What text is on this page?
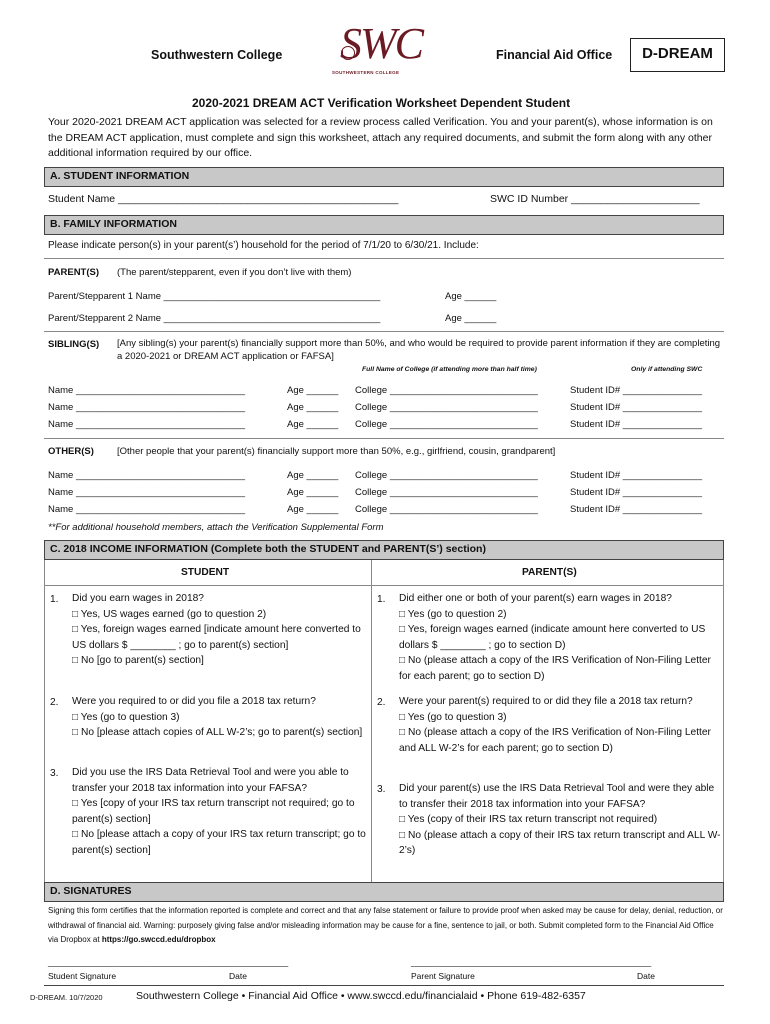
Southwestern College SWC
SOUTHWESTERN COLLEGE
Financial Aid Office	D-DREAM
2020-2021 DREAM ACT Verification Worksheet Dependent Student
Your 2020-2021 DREAM ACT application was selected for a review process called Verification. You and your parent(s), whose information is on the DREAM ACT application, must complete and sign this worksheet, attach any required documents, and submit the form along with any other additional information required by our office.
A. STUDENT INFORMATION
Student Name ________________________________________________	SWC ID Number ______________________
B. FAMILY INFORMATION
Please indicate person(s) in your parent(s’) household for the period of 7/1/20 to 6/30/21. Include:
PARENT(S) (The parent/stepparent, even if you don’t live with them)
Parent/Stepparent 1 Name _________________________________________	Age ______
Parent/Stepparent 2 Name _________________________________________	Age ______
SIBLING(S) [Any sibling(s) your parent(s) financially support more than 50%, and who would be required to provide parent information if they are completing a 2020-2021 or DREAM ACT application or FAFSA]
Full Name of College (if attending more than half time)	Only if attending SWC
Name ________________________________	Age ______ College ____________________________	Student ID# _______________
Name ________________________________	Age ______ College ____________________________	Student ID# _______________
Name ________________________________	Age ______ College ____________________________	Student ID# _______________
OTHER(S) [Other people that your parent(s) financially support more than 50%, e.g., girlfriend, cousin, grandparent]
Name ________________________________	Age ______ College ____________________________	Student ID# _______________
Name ________________________________	Age ______ College ____________________________	Student ID# _______________
Name ________________________________	Age ______ College ____________________________	Student ID# _______________
**For additional household members, attach the Verification Supplemental Form
C. 2018 INCOME INFORMATION (Complete both the STUDENT and PARENT(S’) section)
STUDENT	PARENT(S)
1. Did you earn wages in 2018?
□ Yes, US wages earned (go to question 2)
□ Yes, foreign wages earned [indicate amount here converted to US dollars $ ________ ; go to parent(s) section]
□ No [go to parent(s) section]
2. Were you required to or did you file a 2018 tax return?
□ Yes (go to question 3)
□ No [please attach copies of ALL W-2’s; go to parent(s) section]
3. Did you use the IRS Data Retrieval Tool and were you able to transfer your 2018 tax information into your FAFSA?
□ Yes [copy of your IRS tax return transcript not required; go to parent(s) section]
□ No [please attach a copy of your IRS tax return transcript; go to parent(s) section]
1. Did either one or both of your parent(s) earn wages in 2018?
□ Yes (go to question 2)
□ Yes, foreign wages earned (indicate amount here converted to US dollars $ ________ ; go to section D)
□ No (please attach a copy of the IRS Verification of Non-Filing Letter for each parent; go to section D)
2. Were your parent(s) required to or did they file a 2018 tax return?
□ Yes (go to question 3)
□ No (please attach a copy of the IRS Verification of Non-Filing Letter and ALL W-2’s for each parent; go to section D)
3. Did your parent(s) use the IRS Data Retrieval Tool and were they able to transfer their 2018 tax information into your FAFSA?
□ Yes (copy of their IRS tax return transcript not required)
□ No (please attach a copy of their IRS tax return transcript and ALL W-2’s)
D. SIGNATURES
Signing this form certifies that the information reported is complete and correct and that any false statement or failure to provide proof when asked may be cause for delay, denial, reduction, or withdrawal of financial aid. Warning: purposely giving false and/or misleading information may be cause for a fine, sentence to jail, or both. Submit completed form to the Financial Aid Office via Dropbox at https://go.swccd.edu/dropbox
______________________________________________________	______________________________________________________
Student Signature	Date	Parent Signature	Date
D-DREAM. 10/7/2020	Southwestern College • Financial Aid Office • www.swccd.edu/financialaid • Phone 619-482-6357
